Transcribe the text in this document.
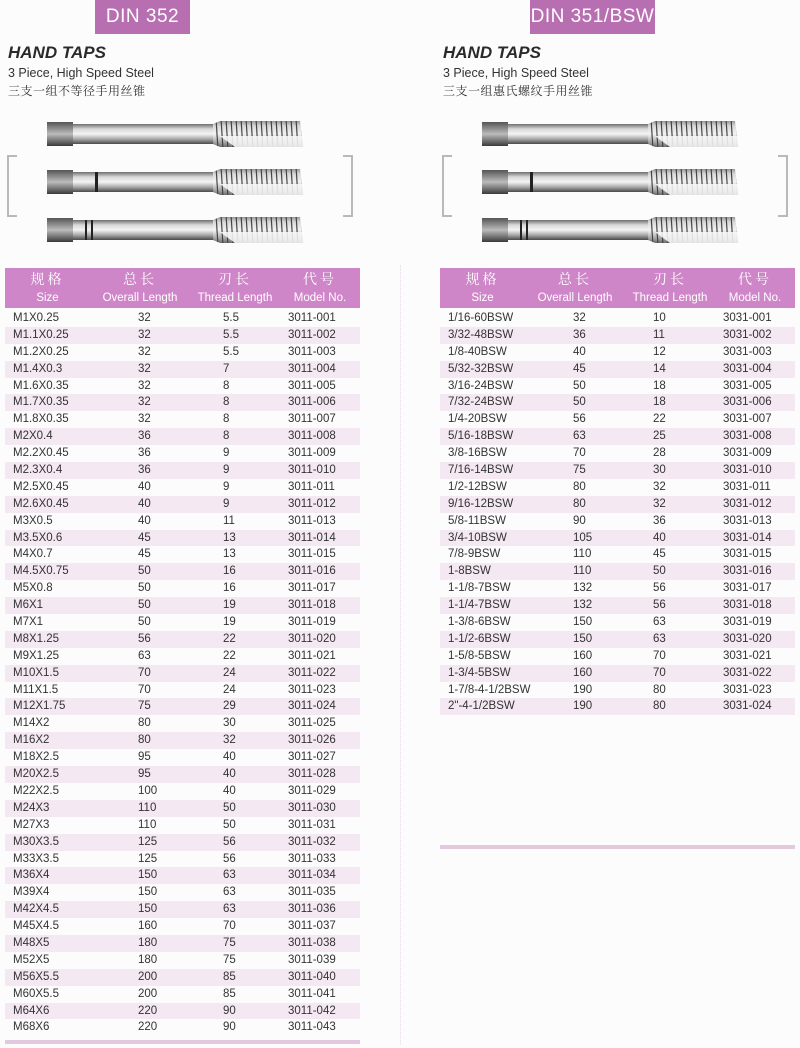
DIN 352
HAND TAPS
3 Piece, High Speed Steel
三支一组不等径手用丝锥
规格
Size
总长
Overall Length
刃长
Thread Length
代号
Model No.
M1X0.25	32	5.5	3011-001
M1.1X0.25	32	5.5	3011-002
M1.2X0.25	32	5.5	3011-003
M1.4X0.3	32	7	3011-004
M1.6X0.35	32	8	3011-005
M1.7X0.35	32	8	3011-006
M1.8X0.35	32	8	3011-007
M2X0.4	36	8	3011-008
M2.2X0.45	36	9	3011-009
M2.3X0.4	36	9	3011-010
M2.5X0.45	40	9	3011-011
M2.6X0.45	40	9	3011-012
M3X0.5	40	11	3011-013
M3.5X0.6	45	13	3011-014
M4X0.7	45	13	3011-015
M4.5X0.75	50	16	3011-016
M5X0.8	50	16	3011-017
M6X1	50	19	3011-018
M7X1	50	19	3011-019
M8X1.25	56	22	3011-020
M9X1.25	63	22	3011-021
M10X1.5	70	24	3011-022
M11X1.5	70	24	3011-023
M12X1.75	75	29	3011-024
M14X2	80	30	3011-025
M16X2	80	32	3011-026
M18X2.5	95	40	3011-027
M20X2.5	95	40	3011-028
M22X2.5	100	40	3011-029
M24X3	110	50	3011-030
M27X3	110	50	3011-031
M30X3.5	125	56	3011-032
M33X3.5	125	56	3011-033
M36X4	150	63	3011-034
M39X4	150	63	3011-035
M42X4.5	150	63	3011-036
M45X4.5	160	70	3011-037
M48X5	180	75	3011-038
M52X5	180	75	3011-039
M56X5.5	200	85	3011-040
M60X5.5	200	85	3011-041
M64X6	220	90	3011-042
M68X6	220	90	3011-043
DIN 351/BSW
HAND TAPS
3 Piece, High Speed Steel
三支一组惠氏螺纹手用丝锥
规格
Size
总长
Overall Length
刃长
Thread Length
代号
Model No.
1/16-60BSW	32	10	3031-001
3/32-48BSW	36	11	3031-002
1/8-40BSW	40	12	3031-003
5/32-32BSW	45	14	3031-004
3/16-24BSW	50	18	3031-005
7/32-24BSW	50	18	3031-006
1/4-20BSW	56	22	3031-007
5/16-18BSW	63	25	3031-008
3/8-16BSW	70	28	3031-009
7/16-14BSW	75	30	3031-010
1/2-12BSW	80	32	3031-011
9/16-12BSW	80	32	3031-012
5/8-11BSW	90	36	3031-013
3/4-10BSW	105	40	3031-014
7/8-9BSW	110	45	3031-015
1-8BSW	110	50	3031-016
1-1/8-7BSW	132	56	3031-017
1-1/4-7BSW	132	56	3031-018
1-3/8-6BSW	150	63	3031-019
1-1/2-6BSW	150	63	3031-020
1-5/8-5BSW	160	70	3031-021
1-3/4-5BSW	160	70	3031-022
1-7/8-4-1/2BSW	190	80	3031-023
2"-4-1/2BSW	190	80	3031-024
